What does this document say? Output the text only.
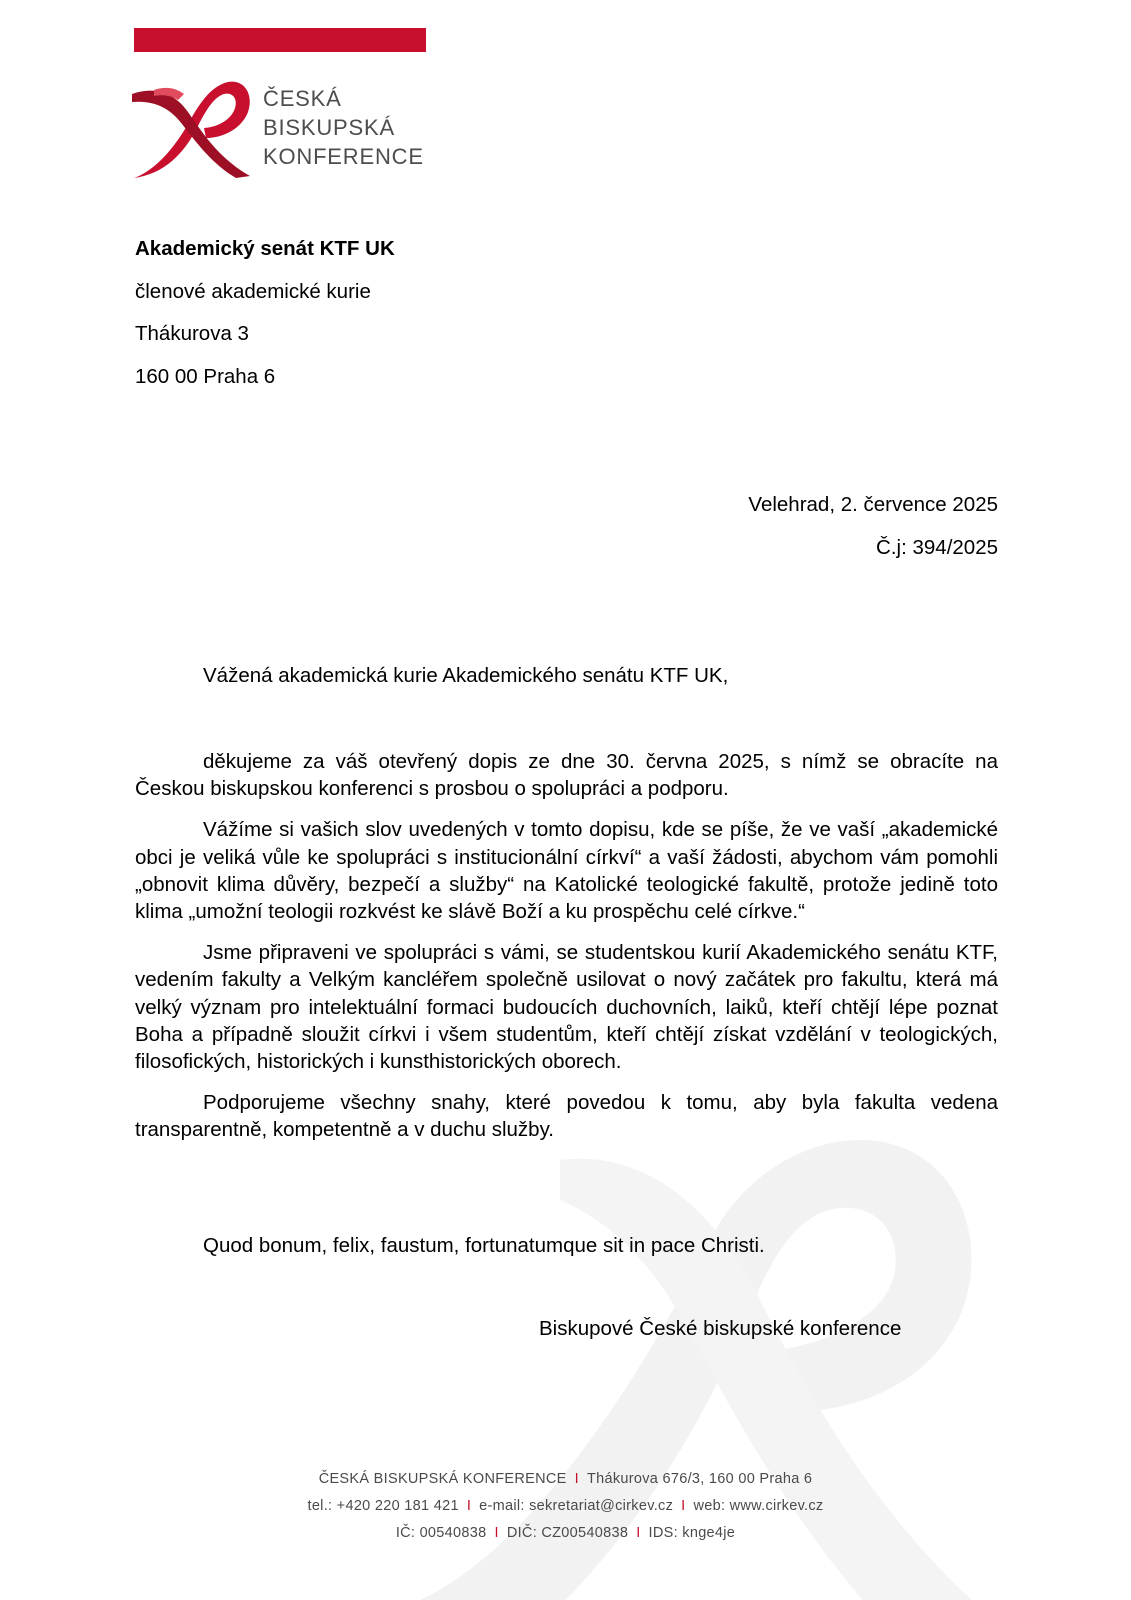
ČESKÁ
BISKUPSKÁ
KONFERENCE
Akademický senát KTF UK
členové akademické kurie
Thákurova 3
160 00 Praha 6
Velehrad, 2. července 2025
Č.j: 394/2025
Vážená akademická kurie Akademického senátu KTF UK,

děkujeme za váš otevřený dopis ze dne 30. června 2025, s nímž se obracíte na Českou biskupskou konferenci s prosbou o spolupráci a podporu.

Vážíme si vašich slov uvedených v tomto dopisu, kde se píše, že ve vaší „akademické obci je veliká vůle ke spolupráci s institucionální církví“ a vaší žádosti, abychom vám pomohli „obnovit klima důvěry, bezpečí a služby“ na Katolické teologické fakultě, protože jedině toto klima „umožní teologii rozkvést ke slávě Boží a ku prospěchu celé církve.“

Jsme připraveni ve spolupráci s vámi, se studentskou kurií Akademického senátu KTF, vedením fakulty a Velkým kancléřem společně usilovat o nový začátek pro fakultu, která má velký význam pro intelektuální formaci budoucích duchovních, laiků, kteří chtějí lépe poznat Boha a případně sloužit církvi i všem studentům, kteří chtějí získat vzdělání v teologických, filosofických, historických i kunsthistorických oborech.

Podporujeme všechny snahy, které povedou k tomu, aby byla fakulta vedena transparentně, kompetentně a v duchu služby.

Quod bonum, felix, faustum, fortunatumque sit in pace Christi.
Biskupové České biskupské konference
ČESKÁ BISKUPSKÁ KONFERENCE I Thákurova 676/3, 160 00 Praha 6
tel.: +420 220 181 421 I e-mail: sekretariat@cirkev.cz I web: www.cirkev.cz
IČ: 00540838 I DIČ: CZ00540838 I IDS: knge4je
